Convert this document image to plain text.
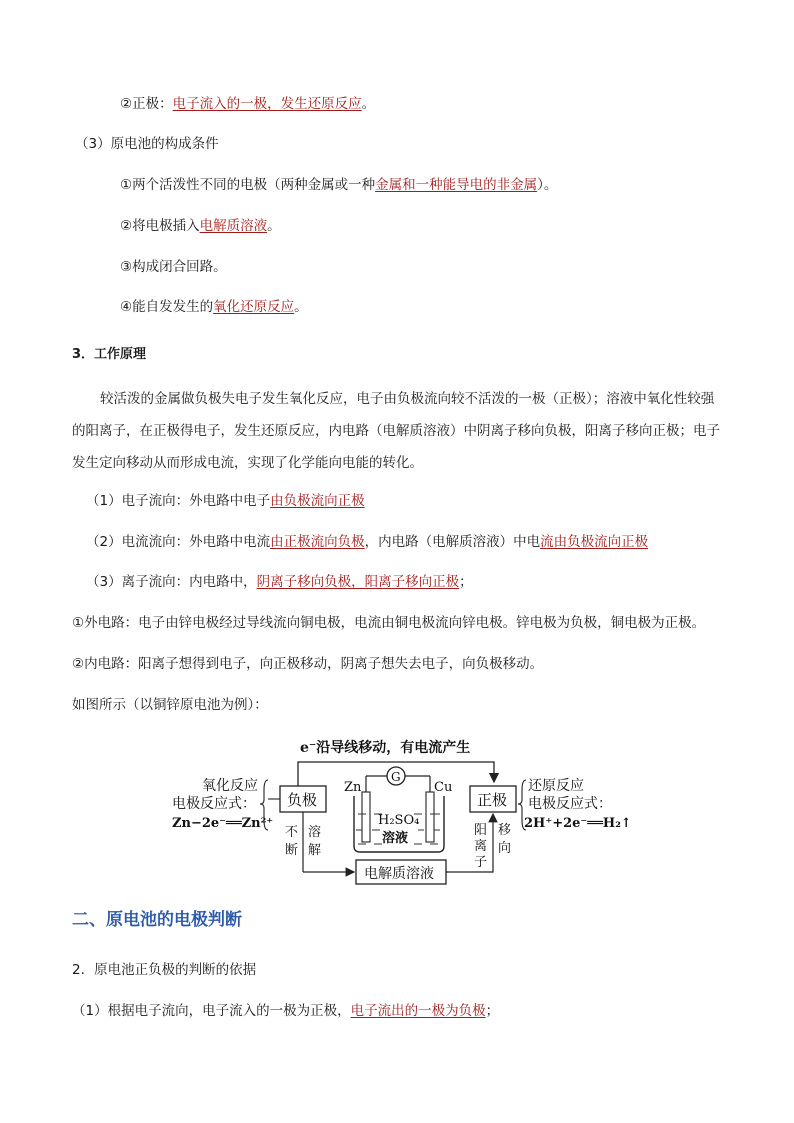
②正极：电子流入的一极，发生还原反应。
（3）原电池的构成条件
①两个活泼性不同的电极（两种金属或一种金属和一种能导电的非金属）。
②将电极插入电解质溶液。
③构成闭合回路。
④能自发发生的氧化还原反应。
3．工作原理
较活泼的金属做负极失电子发生氧化反应，电子由负极流向较不活泼的一极（正极）；溶液中氧化性较强的阳离子，在正极得电子，发生还原反应，内电路（电解质溶液）中阴离子移向负极，阳离子移向正极；电子发生定向移动从而形成电流，实现了化学能向电能的转化。
（1）电子流向：外电路中电子由负极流向正极
（2）电流流向：外电路中电流由正极流向负极，内电路（电解质溶液）中电流由负极流向正极
（3）离子流向：内电路中，阴离子移向负极，阳离子移向正极；
①外电路：电子由锌电极经过导线流向铜电极，电流由铜电极流向锌电极。锌电极为负极，铜电极为正极。
②内电路：阳离子想得到电子，向正极移动，阴离子想失去电子，向负极移动。
如图所示（以铜锌原电池为例）：
e⁻沿导线移动，有电流产生
负极	正极
氧化反应
电极反应式：
Zn−2e⁻══Zn²⁺
还原反应
电极反应式：
2H⁺+2e⁻══H₂↑
G
Zn	Cu
H₂SO₄
溶液
不
断
溶
解
电解质溶液
阳
离
子
移
向
二、原电池的电极判断
2．原电池正负极的判断的依据
（1）根据电子流向，电子流入的一极为正极，电子流出的一极为负极；
